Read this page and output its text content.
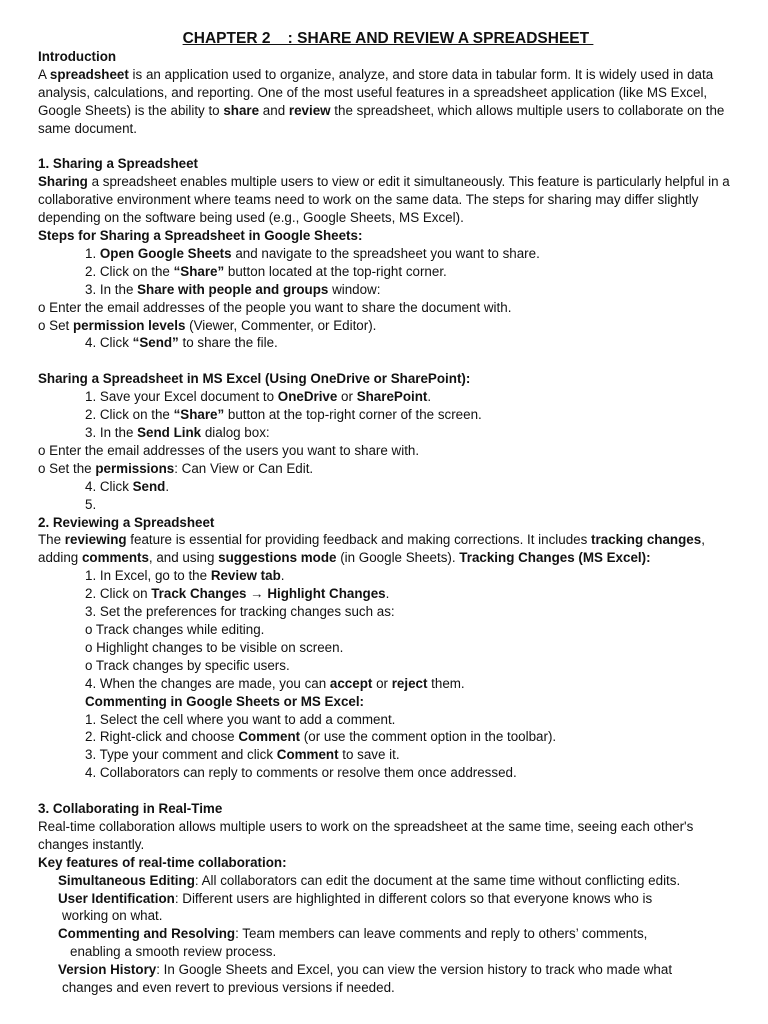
CHAPTER 2    : SHARE AND REVIEW A SPREADSHEET

Introduction

A spreadsheet is an application used to organize, analyze, and store data in tabular form. It is widely used in data analysis, calculations, and reporting. One of the most useful features in a spreadsheet application (like MS Excel, Google Sheets) is the ability to share and review the spreadsheet, which allows multiple users to collaborate on the same document.

1. Sharing a Spreadsheet

Sharing a spreadsheet enables multiple users to view or edit it simultaneously. This feature is particularly helpful in a collaborative environment where teams need to work on the same data. The steps for sharing may differ slightly depending on the software being used (e.g., Google Sheets, MS Excel).

Steps for Sharing a Spreadsheet in Google Sheets:

1. Open Google Sheets and navigate to the spreadsheet you want to share.

2. Click on the “Share” button located at the top-right corner.

3. In the Share with people and groups window:

o Enter the email addresses of the people you want to share the document with.

o Set permission levels (Viewer, Commenter, or Editor).

4. Click “Send” to share the file.

Sharing a Spreadsheet in MS Excel (Using OneDrive or SharePoint):

1. Save your Excel document to OneDrive or SharePoint.

2. Click on the “Share” button at the top-right corner of the screen.

3. In the Send Link dialog box:

o Enter the email addresses of the users you want to share with.

o Set the permissions: Can View or Can Edit.

4. Click Send.

5.

2. Reviewing a Spreadsheet

The reviewing feature is essential for providing feedback and making corrections. It includes tracking changes, adding comments, and using suggestions mode (in Google Sheets). Tracking Changes (MS Excel):

1. In Excel, go to the Review tab.

2. Click on Track Changes → Highlight Changes.

3. Set the preferences for tracking changes such as:

o Track changes while editing.

o Highlight changes to be visible on screen.

o Track changes by specific users.

4. When the changes are made, you can accept or reject them.

Commenting in Google Sheets or MS Excel:

1. Select the cell where you want to add a comment.

2. Right-click and choose Comment (or use the comment option in the toolbar).

3. Type your comment and click Comment to save it.

4. Collaborators can reply to comments or resolve them once addressed.

3. Collaborating in Real-Time

Real-time collaboration allows multiple users to work on the spreadsheet at the same time, seeing each other's changes instantly.

Key features of real-time collaboration:

Simultaneous Editing: All collaborators can edit the document at the same time without conflicting edits.

User Identification: Different users are highlighted in different colors so that everyone knows who is

working on what.

Commenting and Resolving: Team members can leave comments and reply to others’ comments,

enabling a smooth review process.

Version History: In Google Sheets and Excel, you can view the version history to track who made what

changes and even revert to previous versions if needed.
